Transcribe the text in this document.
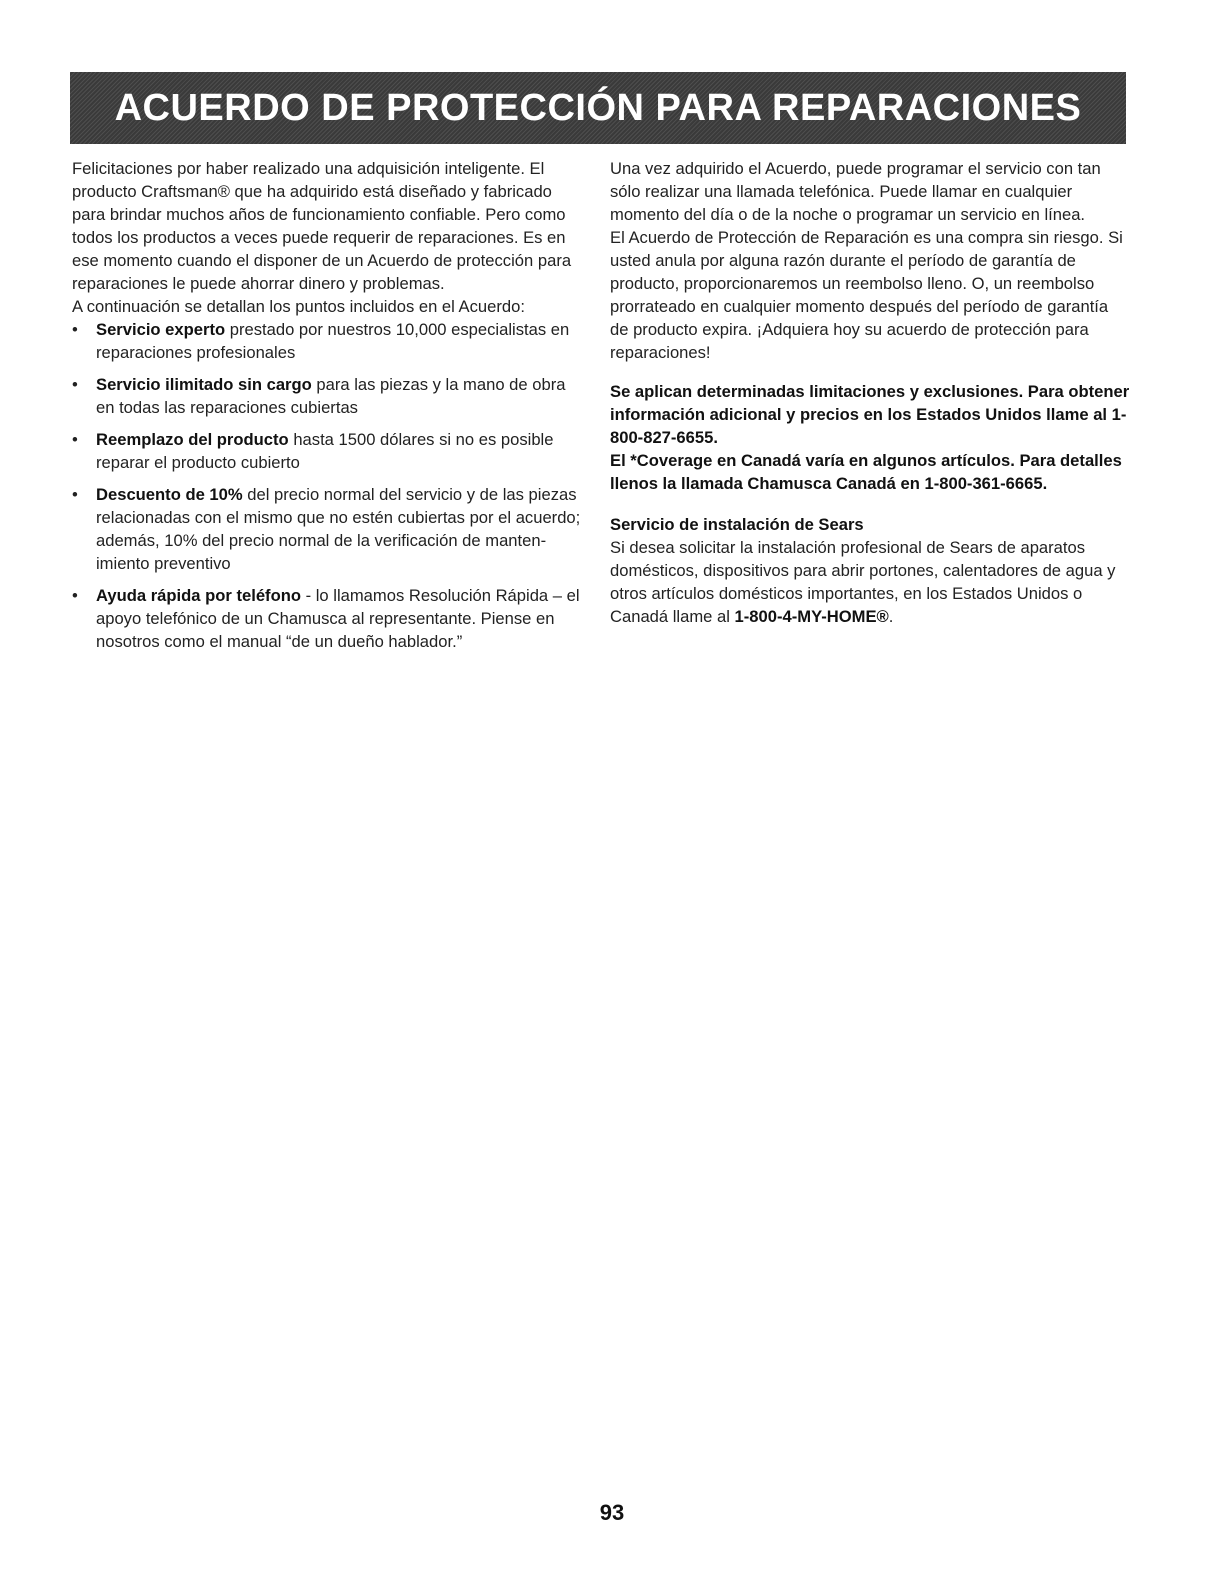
ACUERDO DE PROTECCIÓN PARA REPARACIONES

Felicitaciones por haber realizado una adquisición inteligente. El producto Craftsman® que ha adquirido está diseñado y fabricado para brindar muchos años de funcionamiento confiable. Pero como todos los productos a veces puede requerir de reparaciones. Es en ese momento cuando el disponer de un Acuerdo de protección para reparaciones le puede ahorrar dinero y problemas.

A continuación se detallan los puntos incluidos en el Acuerdo:

• Servicio experto prestado por nuestros 10,000 especialistas en reparaciones profesionales
• Servicio ilimitado sin cargo para las piezas y la mano de obra en todas las reparaciones cubiertas
• Reemplazo del producto hasta 1500 dólares si no es posible reparar el producto cubierto
• Descuento de 10% del precio normal del servicio y de las piezas relacionadas con el mismo que no estén cubiertas por el acuerdo; además, 10% del precio normal de la verificación de manten- imiento preventivo
• Ayuda rápida por teléfono - lo llamamos Resolución Rápida – el apoyo telefónico de un Chamusca al representante. Piense en nosotros como el manual “de un dueño hablador.”

Una vez adquirido el Acuerdo, puede programar el servicio con tan sólo realizar una llamada telefónica. Puede llamar en cualquier momento del día o de la noche o programar un servicio en línea.

El Acuerdo de Protección de Reparación es una compra sin riesgo. Si usted anula por alguna razón durante el período de garantía de producto, proporcionaremos un reembolso lleno. O, un reembolso prorrateado en cualquier momento después del período de garantía de producto expira. ¡Adquiera hoy su acuerdo de protección para reparaciones!

Se aplican determinadas limitaciones y exclusiones. Para obtener información adicional y precios en los Estados Unidos llame al 1-800-827-6655.

El *Coverage en Canadá varía en algunos artículos. Para detalles llenos la llamada Chamusca Canadá en 1-800-361-6665.

Servicio de instalación de Sears

Si desea solicitar la instalación profesional de Sears de aparatos domésticos, dispositivos para abrir portones, calentadores de agua y otros artículos domésticos importantes, en los Estados Unidos o Canadá llame al 1-800-4-MY-HOME®.

93
